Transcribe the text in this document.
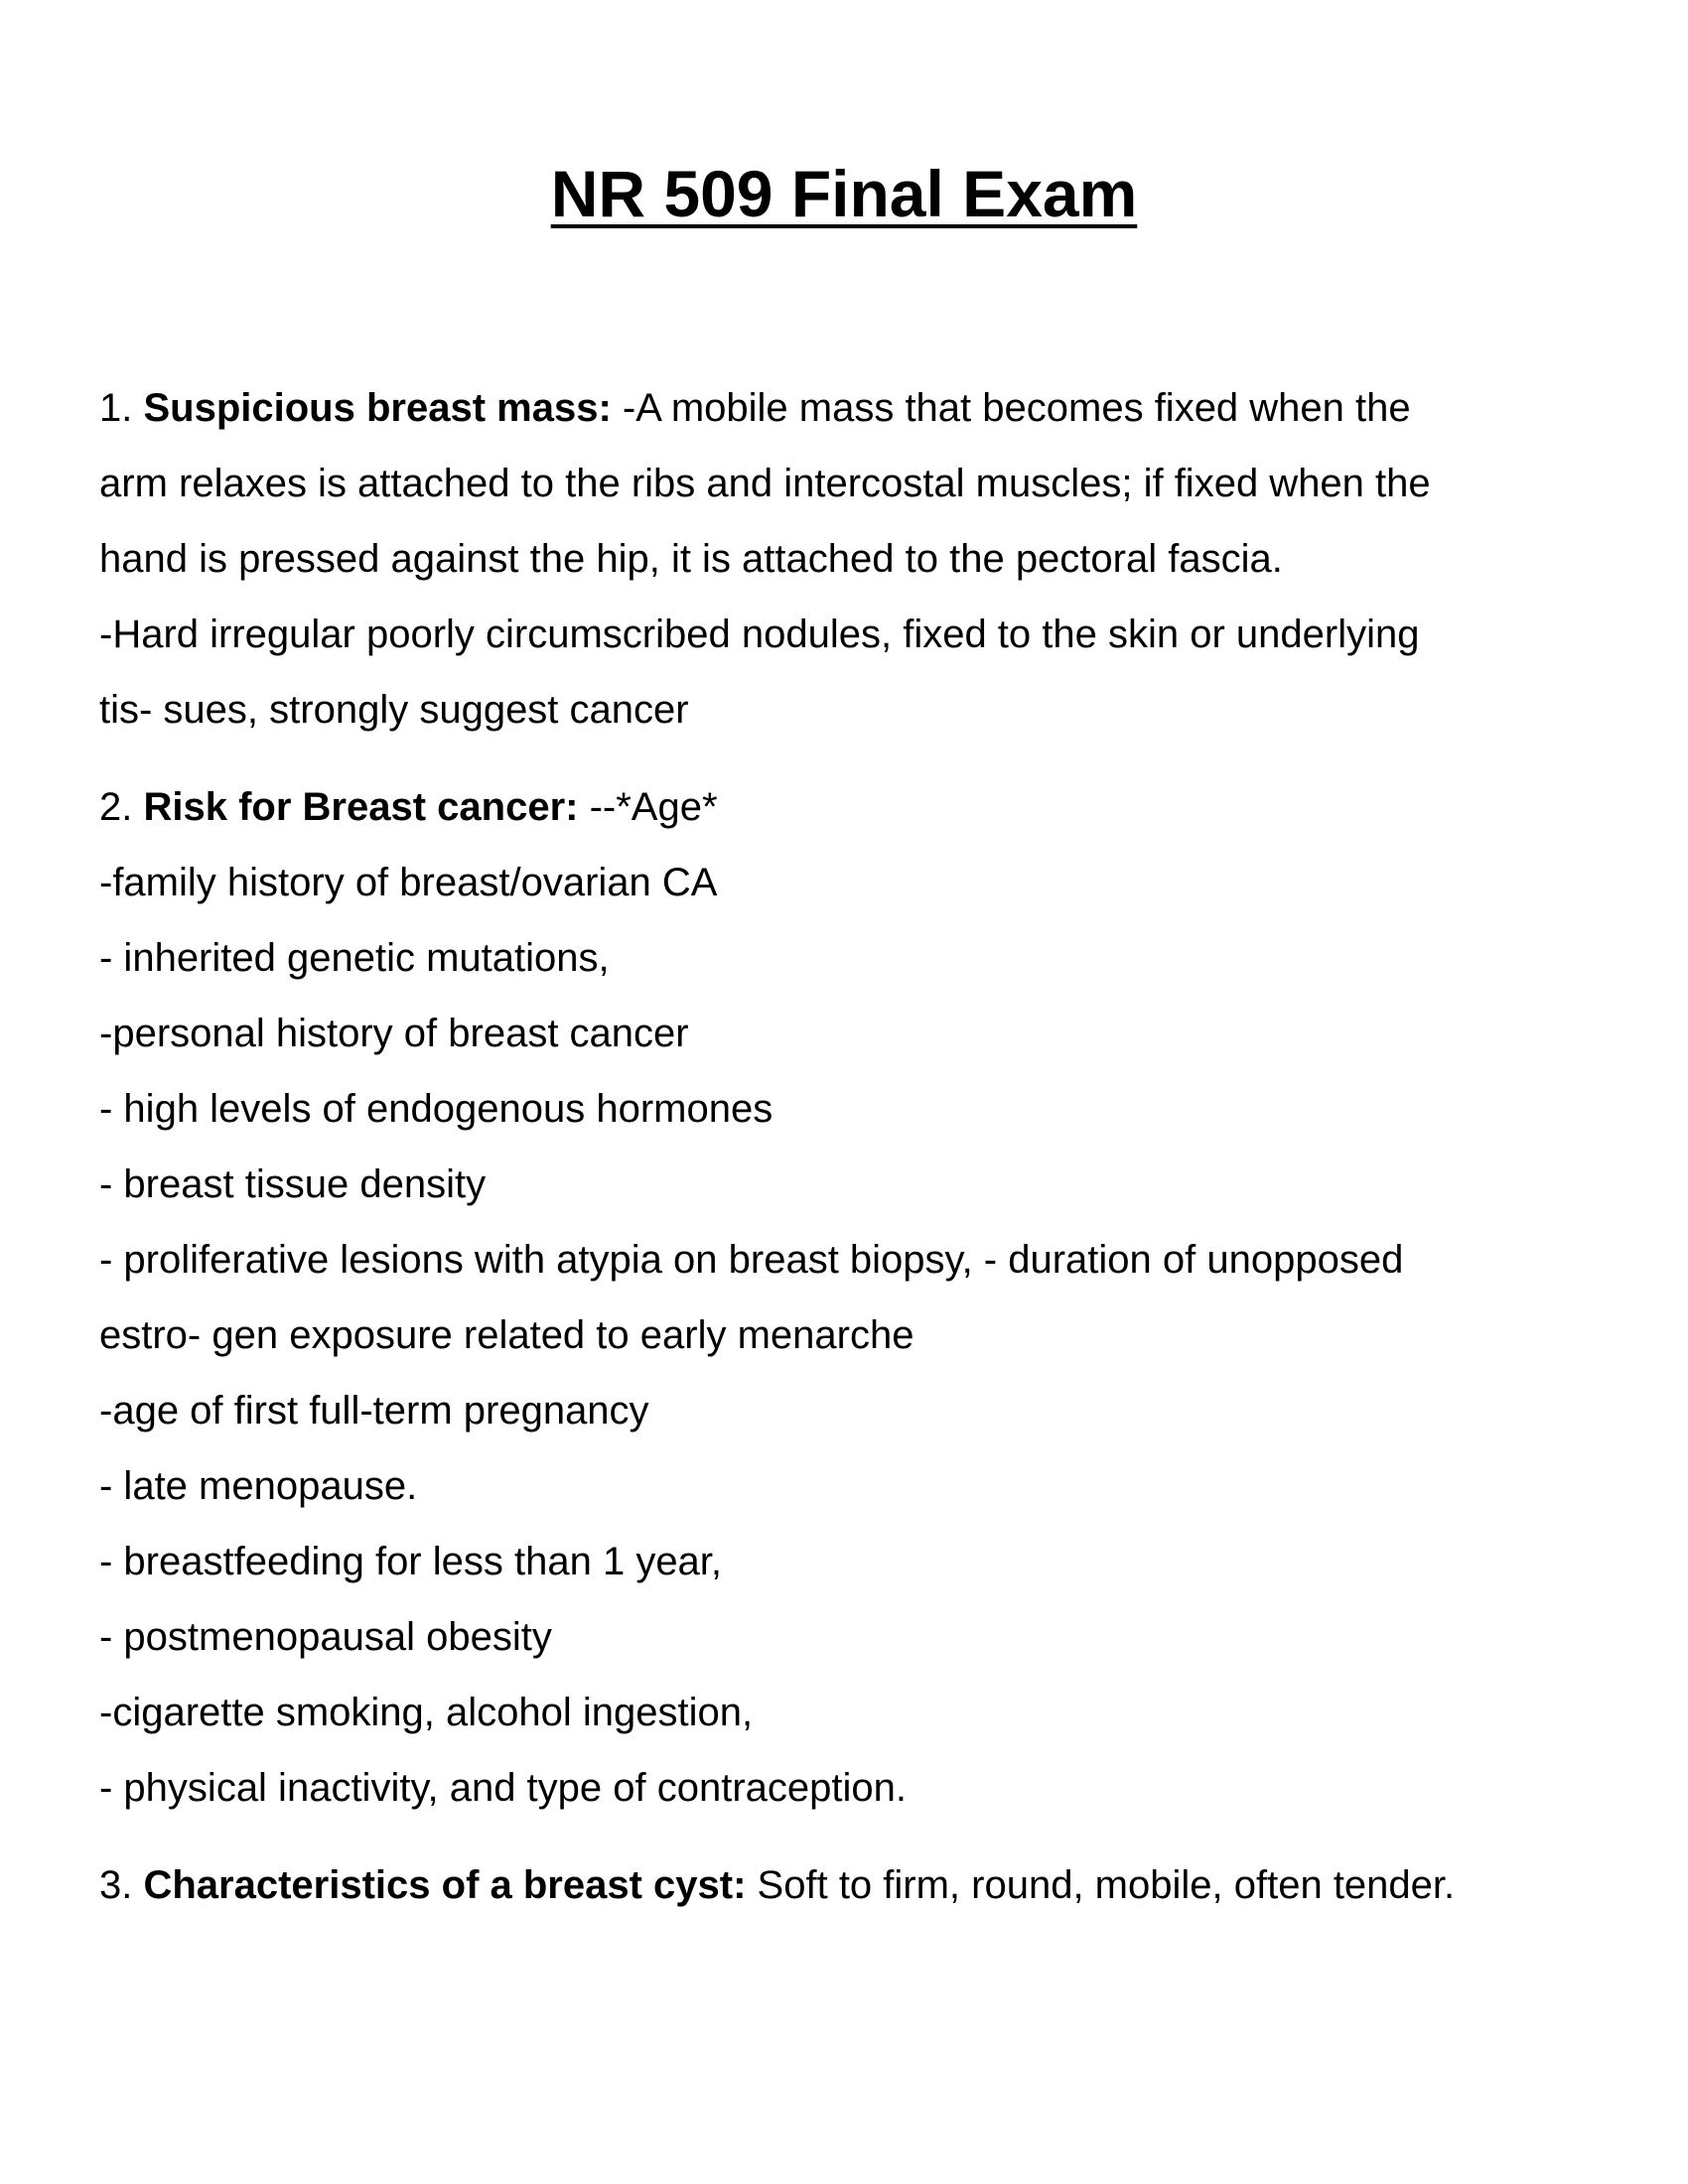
NR 509 Final Exam
1. Suspicious breast mass: -A mobile mass that becomes fixed when the
arm relaxes is attached to the ribs and intercostal muscles; if fixed when the
hand is pressed against the hip, it is attached to the pectoral fascia.
-Hard irregular poorly circumscribed nodules, fixed to the skin or underlying
tis- sues, strongly suggest cancer
2. Risk for Breast cancer: --*Age*
-family history of breast/ovarian CA
- inherited genetic mutations,
-personal history of breast cancer
- high levels of endogenous hormones
- breast tissue density
- proliferative lesions with atypia on breast biopsy, - duration of unopposed
estro- gen exposure related to early menarche
-age of first full-term pregnancy
- late menopause.
- breastfeeding for less than 1 year,
- postmenopausal obesity
-cigarette smoking, alcohol ingestion,
- physical inactivity, and type of contraception.
3. Characteristics of a breast cyst: Soft to firm, round, mobile, often tender.
